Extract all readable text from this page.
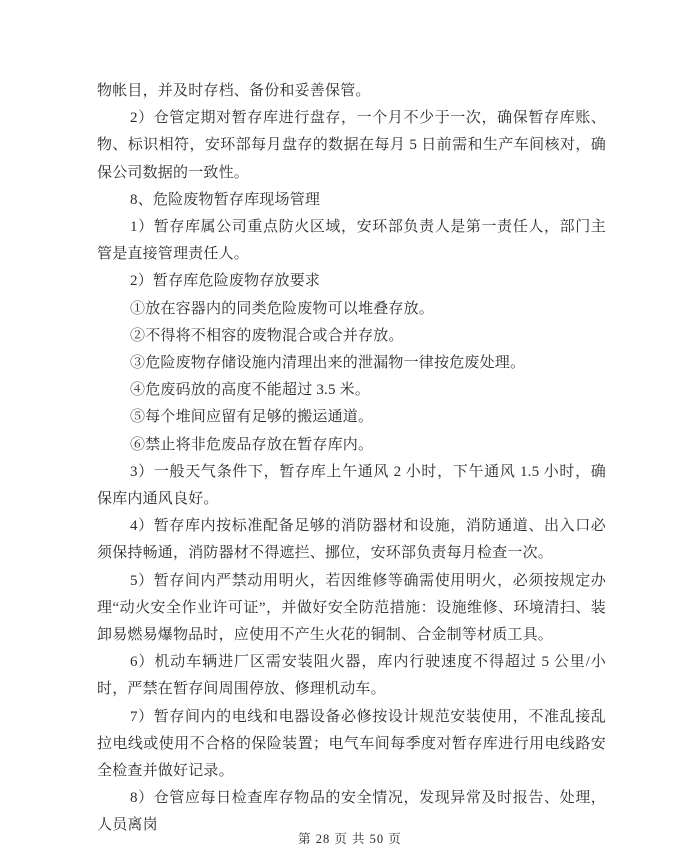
物帐目，并及时存档、备份和妥善保管。

2）仓管定期对暂存库进行盘存，一个月不少于一次，确保暂存库账、物、标识相符，安环部每月盘存的数据在每月 5 日前需和生产车间核对，确保公司数据的一致性。

8、危险废物暂存库现场管理

1）暂存库属公司重点防火区域，安环部负责人是第一责任人，部门主管是直接管理责任人。

2）暂存库危险废物存放要求

①放在容器内的同类危险废物可以堆叠存放。

②不得将不相容的废物混合或合并存放。

③危险废物存储设施内清理出来的泄漏物一律按危废处理。

④危废码放的高度不能超过 3.5 米。

⑤每个堆间应留有足够的搬运通道。

⑥禁止将非危废品存放在暂存库内。

3）一般天气条件下，暂存库上午通风 2 小时，下午通风 1.5 小时，确保库内通风良好。

4）暂存库内按标准配备足够的消防器材和设施，消防通道、出入口必须保持畅通，消防器材不得遮拦、挪位，安环部负责每月检查一次。

5）暂存间内严禁动用明火，若因维修等确需使用明火，必须按规定办理“动火安全作业许可证”，并做好安全防范措施：设施维修、环境清扫、装卸易燃易爆物品时，应使用不产生火花的铜制、合金制等材质工具。

6）机动车辆进厂区需安装阻火器，库内行驶速度不得超过 5 公里/小时，严禁在暂存间周围停放、修理机动车。

7）暂存间内的电线和电器设备必修按设计规范安装使用，不准乱接乱拉电线或使用不合格的保险装置；电气车间每季度对暂存库进行用电线路安全检查并做好记录。

8）仓管应每日检查库存物品的安全情况，发现异常及时报告、处理，人员离岗

第 28 页 共 50 页
